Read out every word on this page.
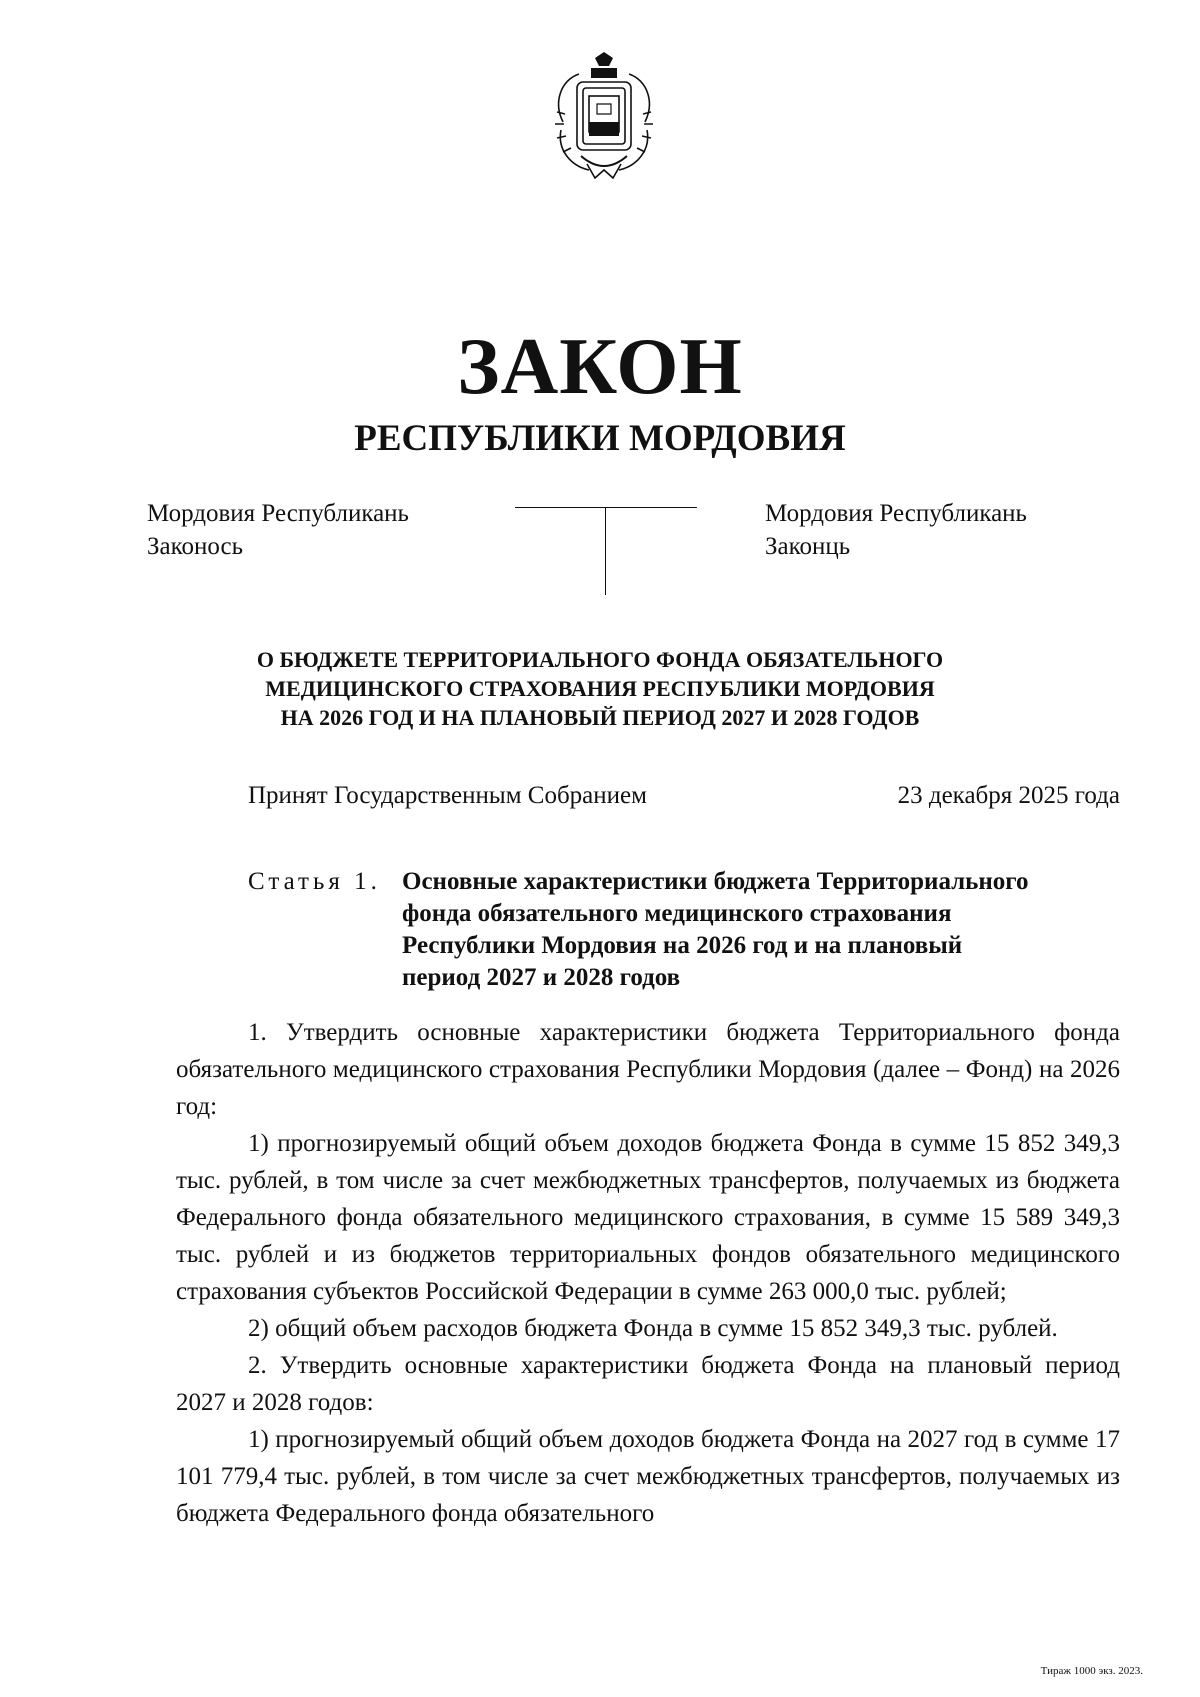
ЗАКОН
РЕСПУБЛИКИ МОРДОВИЯ
Мордовия Республикань
Законось
Мордовия Республикань
Законць
О БЮДЖЕТЕ ТЕРРИТОРИАЛЬНОГО ФОНДА ОБЯЗАТЕЛЬНОГО
МЕДИЦИНСКОГО СТРАХОВАНИЯ РЕСПУБЛИКИ МОРДОВИЯ
НА 2026 ГОД И НА ПЛАНОВЫЙ ПЕРИОД 2027 И 2028 ГОДОВ
Принят Государственным Собранием	23 декабря 2025 года
Статья 1. Основные характеристики бюджета Территориального
фонда обязательного медицинского страхования
Республики Мордовия на 2026 год и на плановый
период 2027 и 2028 годов

1. Утвердить основные характеристики бюджета Территориального фонда обязательного медицинского страхования Республики Мордовия (далее – Фонд) на 2026 год:

1) прогнозируемый общий объем доходов бюджета Фонда в сумме 15 852 349,3 тыс. рублей, в том числе за счет межбюджетных трансфертов, получаемых из бюджета Федерального фонда обязательного медицинского страхования, в сумме 15 589 349,3 тыс. рублей и из бюджетов территориальных фондов обязательного медицинского страхования субъектов Российской Федерации в сумме 263 000,0 тыс. рублей;

2) общий объем расходов бюджета Фонда в сумме 15 852 349,3 тыс. рублей.

2. Утвердить основные характеристики бюджета Фонда на плановый период 2027 и 2028 годов:

1) прогнозируемый общий объем доходов бюджета Фонда на 2027 год в сумме 17 101 779,4 тыс. рублей, в том числе за счет межбюджетных трансфертов, получаемых из бюджета Федерального фонда обязательного

Тираж 1000 экз. 2023.
